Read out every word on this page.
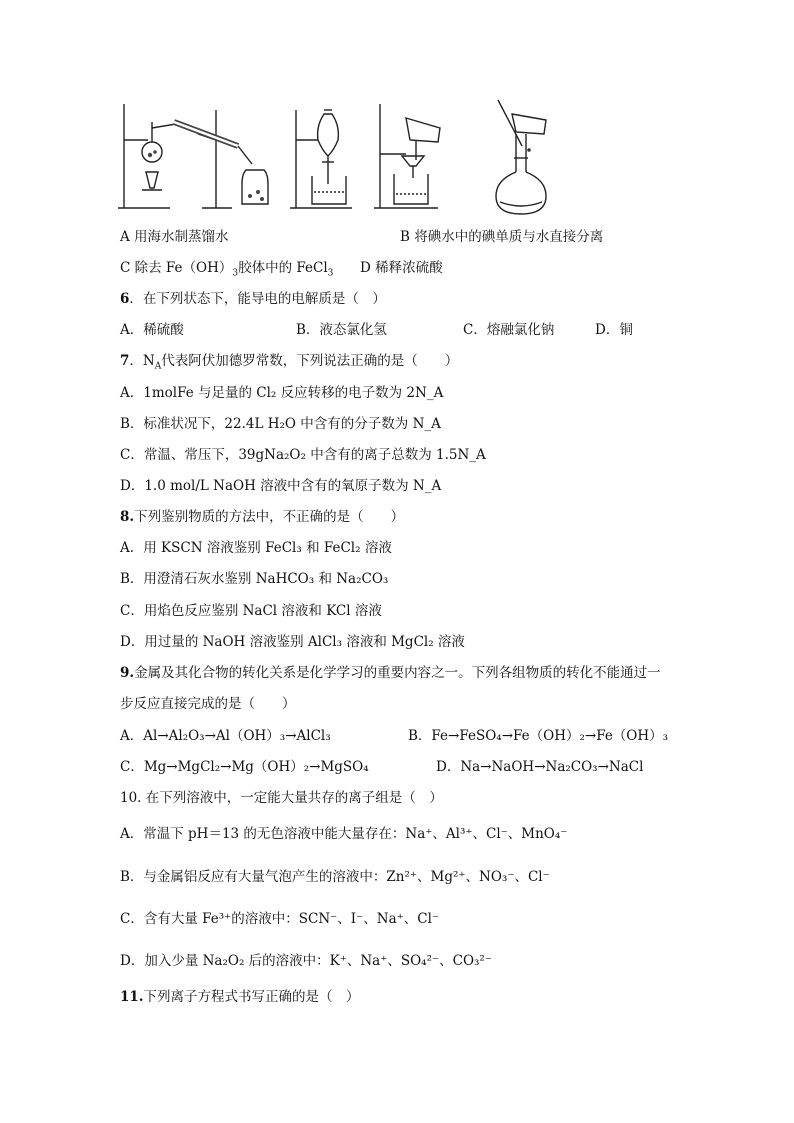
A 用海水制蒸馏水	B 将碘水中的碘单质与水直接分离
C 除去 $Fe(OH)_3$胶体中的 FeCl$_3$ D 稀释浓硫酸
6．在下列状态下，能导电的电解质是（　）
A．稀硫酸	B．液态氯化氢	C．熔融氯化钠	D．铜
7．$N_A$代表阿伏加德罗常数，下列说法正确的是（　　）
A．1molFe 与足量的 Cl₂ 反应转移的电子数为 2N_A
B．标准状况下，22.4L H₂O 中含有的分子数为 N_A
C．常温、常压下，39gNa₂O₂ 中含有的离子总数为 1.5N_A
D．1.0 mol/L NaOH 溶液中含有的氧原子数为 N_A
8.下列鉴别物质的方法中，不正确的是（　　）
A．用 KSCN 溶液鉴别 FeCl₃ 和 FeCl₂ 溶液
B．用澄清石灰水鉴别 NaHCO₃ 和 Na₂CO₃
C．用焰色反应鉴别 NaCl 溶液和 KCl 溶液
D．用过量的 NaOH 溶液鉴别 AlCl₃ 溶液和 MgCl₂ 溶液
9.金属及其化合物的转化关系是化学学习的重要内容之一。下列各组物质的转化不能通过一
步反应直接完成的是（　　）
A．Al→Al₂O₃→Al（OH）₃→AlCl₃	B．Fe→FeSO₄→Fe（OH）₂→Fe（OH）₃
C．Mg→MgCl₂→Mg（OH）₂→MgSO₄	D．Na→NaOH→Na₂CO₃→NaCl
10. 在下列溶液中，一定能大量共存的离子组是（　）
A．常温下 pH＝13 的无色溶液中能大量存在：Na⁺、Al³⁺、Cl⁻、MnO₄⁻
B．与金属铝反应有大量气泡产生的溶液中：Zn²⁺、Mg²⁺、NO₃⁻、Cl⁻
C．含有大量 Fe³⁺的溶液中：SCN⁻、I⁻、Na⁺、Cl⁻
D．加入少量 Na₂O₂ 后的溶液中：K⁺、Na⁺、SO₄²⁻、CO₃²⁻
11.下列离子方程式书写正确的是（　）
